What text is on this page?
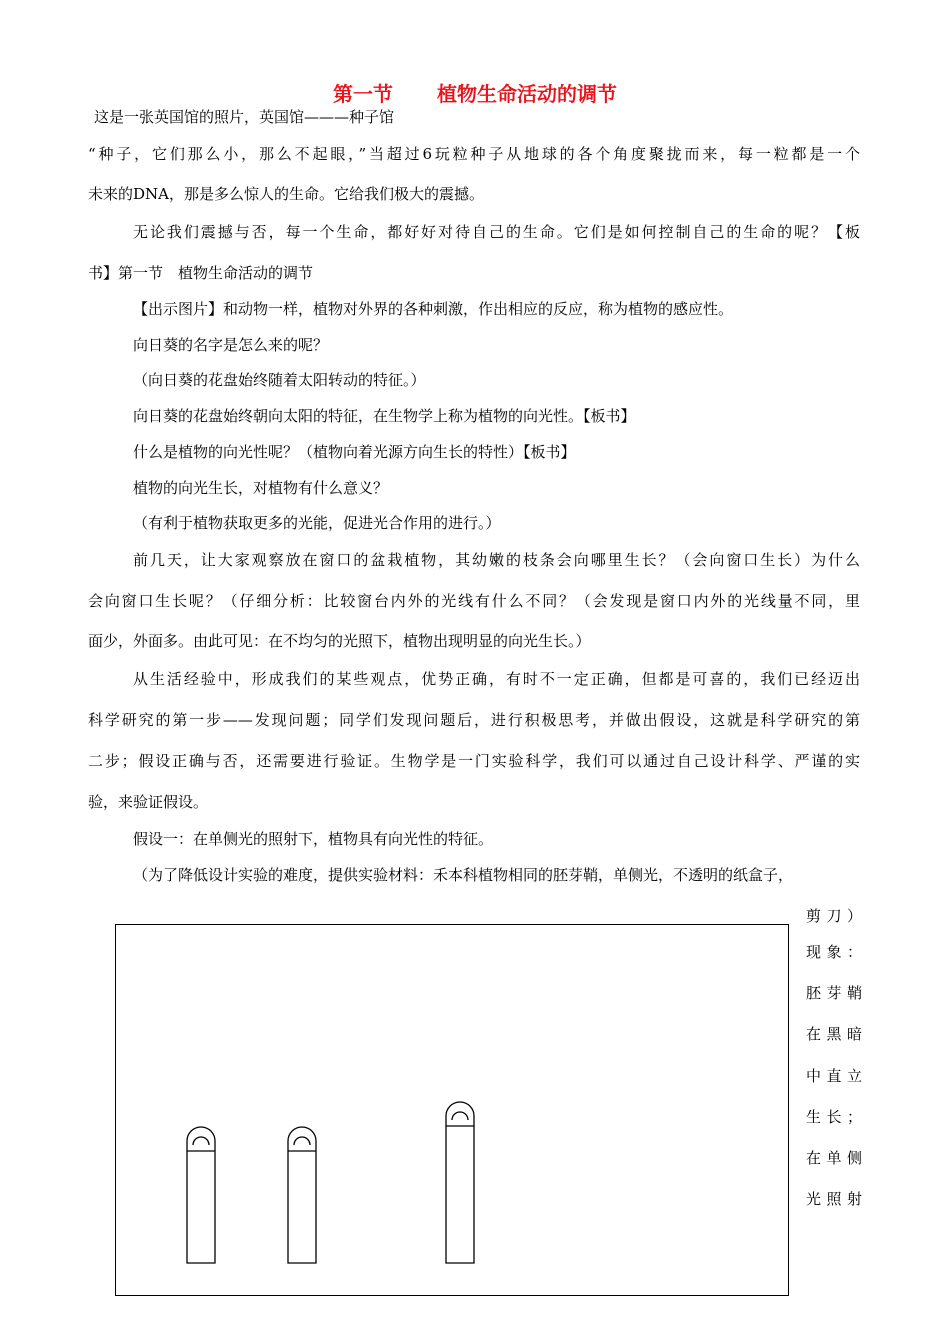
第一节 植物生命活动的调节
这是一张英国馆的照片，英国馆———种子馆
“种子，它们那么小，那么不起眼，”当超过6玩粒种子从地球的各个角度聚拢而来，每一粒都是一个
未来的DNA，那是多么惊人的生命。它给我们极大的震撼。
无论我们震撼与否，每一个生命，都好好对待自己的生命。它们是如何控制自己的生命的呢？【板
书】第一节　植物生命活动的调节
【出示图片】和动物一样，植物对外界的各种刺激，作出相应的反应，称为植物的感应性。
向日葵的名字是怎么来的呢？
（向日葵的花盘始终随着太阳转动的特征。）
向日葵的花盘始终朝向太阳的特征，在生物学上称为植物的向光性。【板书】
什么是植物的向光性呢？（植物向着光源方向生长的特性）【板书】
植物的向光生长，对植物有什么意义？
（有利于植物获取更多的光能，促进光合作用的进行。）
前几天，让大家观察放在窗口的盆栽植物，其幼嫩的枝条会向哪里生长？（会向窗口生长）为什么
会向窗口生长呢？（仔细分析：比较窗台内外的光线有什么不同？（会发现是窗口内外的光线量不同，里
面少，外面多。由此可见：在不均匀的光照下，植物出现明显的向光生长。）
从生活经验中，形成我们的某些观点，优势正确，有时不一定正确，但都是可喜的，我们已经迈出
科学研究的第一步——发现问题；同学们发现问题后，进行积极思考，并做出假设，这就是科学研究的第
二步；假设正确与否，还需要进行验证。生物学是一门实验科学，我们可以通过自己设计科学、严谨的实
验，来验证假设。
假设一：在单侧光的照射下，植物具有向光性的特征。
（为了降低设计实验的难度，提供实验材料：禾本科植物相同的胚芽鞘，单侧光，不透明的纸盒子，
剪刀）
现象：
胚芽鞘
在黑暗
中直立
生长；
在单侧
光照射
